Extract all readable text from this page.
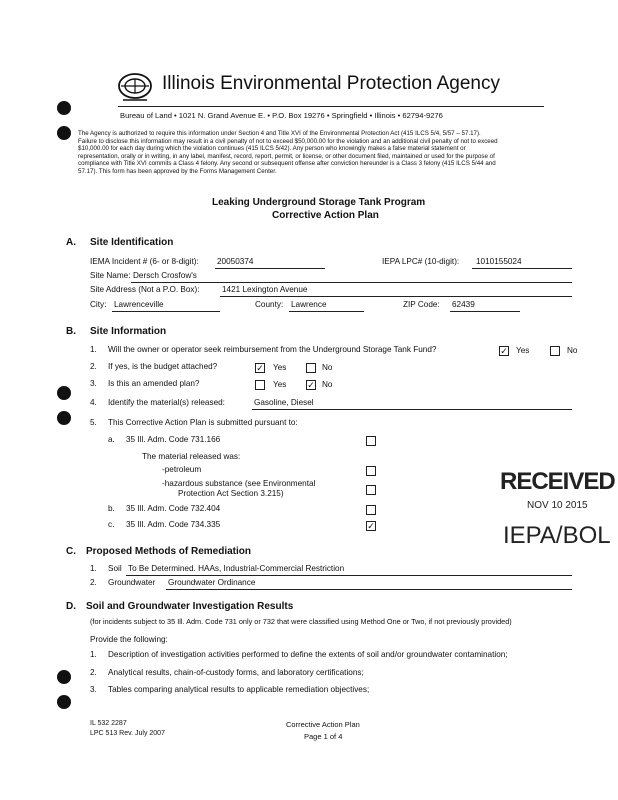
Illinois Environmental Protection Agency
Bureau of Land • 1021 N. Grand Avenue E. • P.O. Box 19276 • Springfield • Illinois • 62794-9276
The Agency is authorized to require this information under Section 4 and Title XVI of the Environmental Protection Act (415 ILCS 5/4, 5/57 – 57.17).
Failure to disclose this information may result in a civil penalty of not to exceed $50,000.00 for the violation and an additional civil penalty of not to exceed
$10,000.00 for each day during which the violation continues (415 ILCS 5/42). Any person who knowingly makes a false material statement or
representation, orally or in writing, in any label, manifest, record, report, permit, or license, or other document filed, maintained or used for the purpose of
compliance with Title XVI commits a Class 4 felony. Any second or subsequent offense after conviction hereunder is a Class 3 felony (415 ILCS 5/44 and
57.17). This form has been approved by the Forms Management Center.
Leaking Underground Storage Tank Program
Corrective Action Plan
A. Site Identification
IEMA Incident # (6- or 8-digit): 20050374	IEPA LPC# (10-digit): 1010155024
Site Name: Dersch Crosfow's
Site Address (Not a P.O. Box):	1421 Lexington Avenue
City: Lawrenceville	County: Lawrence	ZIP Code: 62439
B. Site Information
1. Will the owner or operator seek reimbursement from the Underground Storage Tank Fund?	✓ Yes	No
2. If yes, is the budget attached?	✓ Yes	No
3. Is this an amended plan?	Yes ✓ No
4. Identify the material(s) released:	Gasoline, Diesel
5. This Corrective Action Plan is submitted pursuant to:
a. 35 Ill. Adm. Code 731.166
The material released was:
-petroleum
-hazardous substance (see Environmental
Protection Act Section 3.215)
b. 35 Ill. Adm. Code 732.404
c. 35 Ill. Adm. Code 734.335	✓
RECEIVED
NOV 10 2015
IEPA/BOL
C. Proposed Methods of Remediation
1. Soil To Be Determined. HAAs, Industrial-Commercial Restriction
2. Groundwater Groundwater Ordinance
D. Soil and Groundwater Investigation Results
(for incidents subject to 35 Ill. Adm. Code 731 only or 732 that were classified using Method One or Two, if not previously provided)
Provide the following:
1. Description of investigation activities performed to define the extents of soil and/or groundwater contamination;
2. Analytical results, chain-of-custody forms, and laboratory certifications;
3. Tables comparing analytical results to applicable remediation objectives;
IL 532 2287
LPC 513 Rev. July 2007
Corrective Action Plan
Page 1 of 4
